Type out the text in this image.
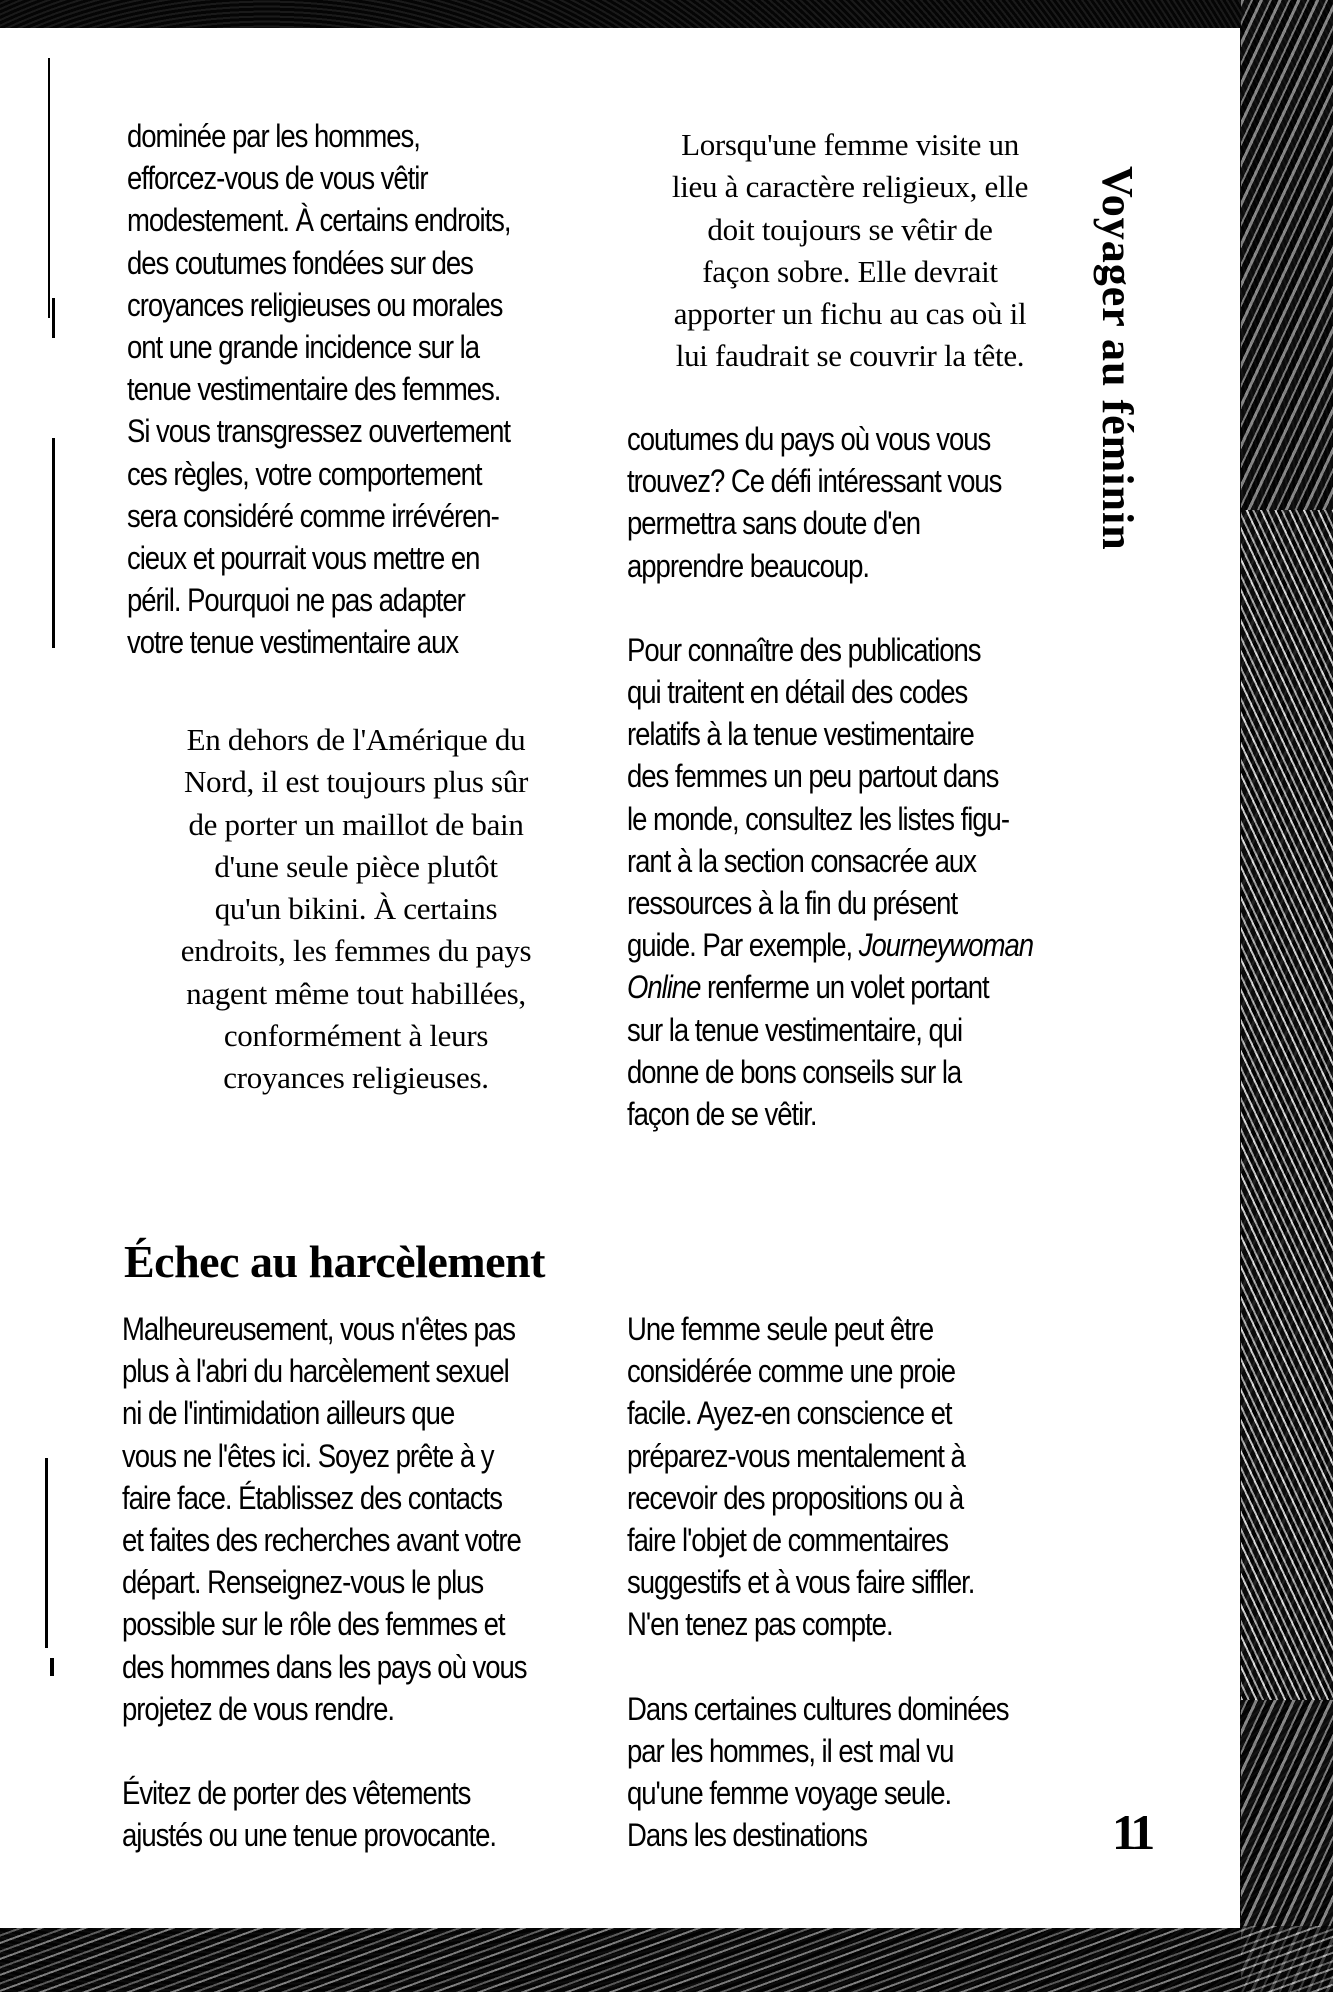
dominée par les hommes,
efforcez-vous de vous vêtir
modestement. À certains endroits,
des coutumes fondées sur des
croyances religieuses ou morales
ont une grande incidence sur la
tenue vestimentaire des femmes.
Si vous transgressez ouvertement
ces règles, votre comportement
sera considéré comme irrévéren-
cieux et pourrait vous mettre en
péril. Pourquoi ne pas adapter
votre tenue vestimentaire aux

En dehors de l'Amérique du
Nord, il est toujours plus sûr
de porter un maillot de bain
d'une seule pièce plutôt
qu'un bikini. À certains
endroits, les femmes du pays
nagent même tout habillées,
conformément à leurs
croyances religieuses.

Lorsqu'une femme visite un
lieu à caractère religieux, elle
doit toujours se vêtir de
façon sobre. Elle devrait
apporter un fichu au cas où il
lui faudrait se couvrir la tête.

coutumes du pays où vous vous
trouvez? Ce défi intéressant vous
permettra sans doute d'en
apprendre beaucoup.

Pour connaître des publications
qui traitent en détail des codes
relatifs à la tenue vestimentaire
des femmes un peu partout dans
le monde, consultez les listes figu-
rant à la section consacrée aux
ressources à la fin du présent
guide. Par exemple, Journeywoman
Online renferme un volet portant
sur la tenue vestimentaire, qui
donne de bons conseils sur la
façon de se vêtir.

Échec au harcèlement

Malheureusement, vous n'êtes pas
plus à l'abri du harcèlement sexuel
ni de l'intimidation ailleurs que
vous ne l'êtes ici. Soyez prête à y
faire face. Établissez des contacts
et faites des recherches avant votre
départ. Renseignez-vous le plus
possible sur le rôle des femmes et
des hommes dans les pays où vous
projetez de vous rendre.

Évitez de porter des vêtements
ajustés ou une tenue provocante.

Une femme seule peut être
considérée comme une proie
facile. Ayez-en conscience et
préparez-vous mentalement à
recevoir des propositions ou à
faire l'objet de commentaires
suggestifs et à vous faire siffler.
N'en tenez pas compte.

Dans certaines cultures dominées
par les hommes, il est mal vu
qu'une femme voyage seule.
Dans les destinations

Voyager au féminin
11
